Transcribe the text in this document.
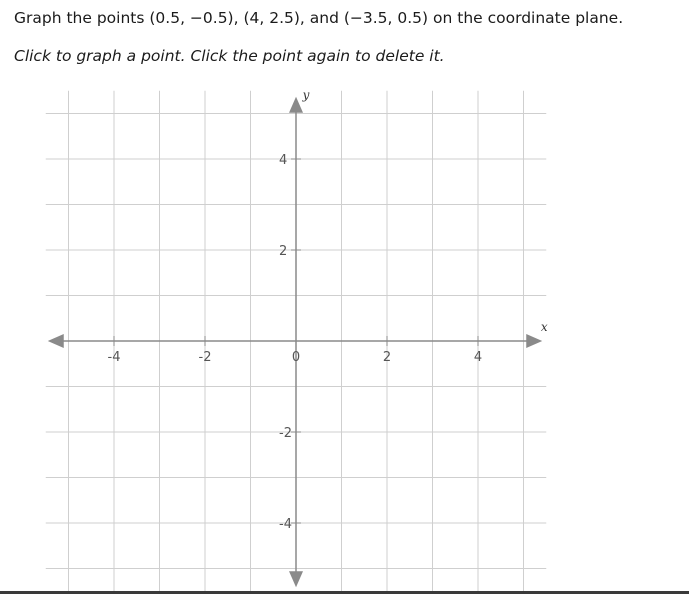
Graph the points (0.5, −0.5), (4, 2.5), and (−3.5, 0.5) on the coordinate plane.
Click to graph a point. Click the point again to delete it.
-4	-2	0	2	4
-4
-2
2
4
x
y
